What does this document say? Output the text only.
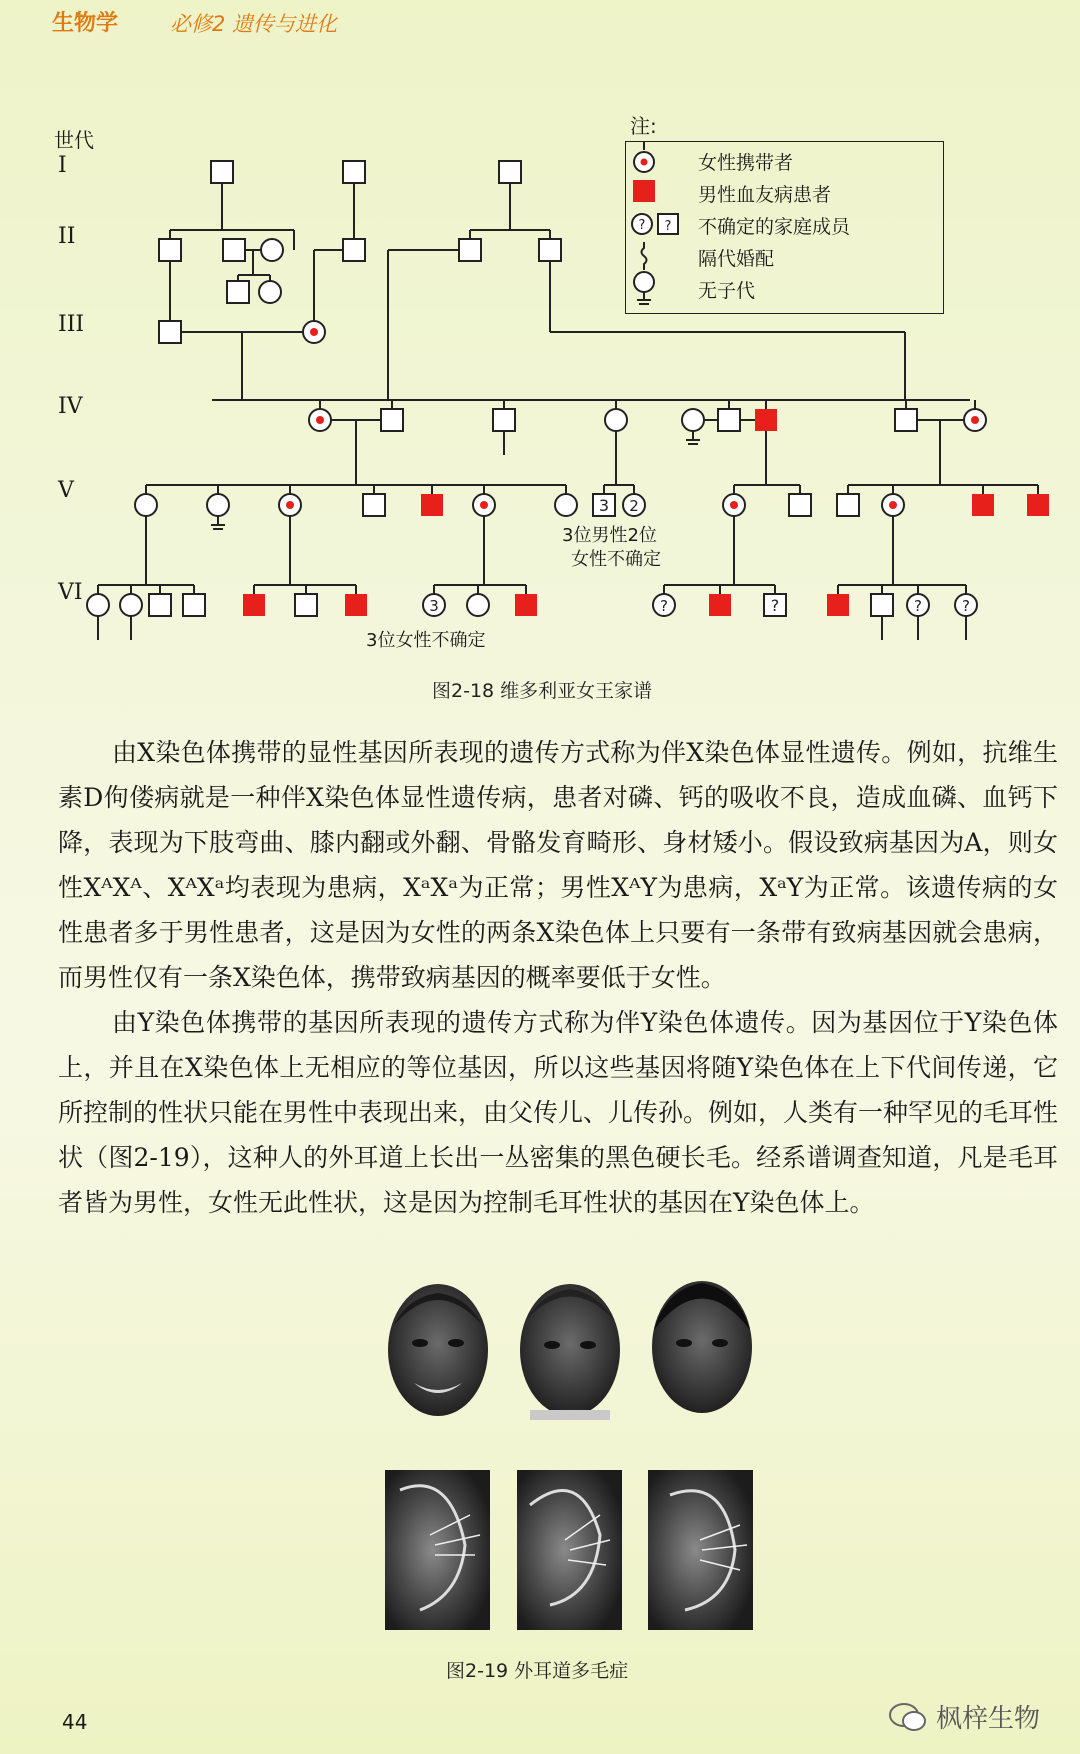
生物学 必修2 遗传与进化
世代
I
II
III
IV
V
VI
3 2
3	?	?	?	?
注:
? ?
女性携带者
男性血友病患者
不确定的家庭成员
隔代婚配
无子代
3位男性2位
女性不确定
3位女性不确定
图2-18 维多利亚女王家谱

由X染色体携带的显性基因所表现的遗传方式称为伴X染色体显性遗传。例如，抗维生素D佝偻病就是一种伴X染色体显性遗传病，患者对磷、钙的吸收不良，造成血磷、血钙下降，表现为下肢弯曲、膝内翻或外翻、骨骼发育畸形、身材矮小。假设致病基因为A，则女性XᴬXᴬ、XᴬXᵃ均表现为患病，XᵃXᵃ为正常；男性XᴬY为患病，XᵃY为正常。该遗传病的女性患者多于男性患者，这是因为女性的两条X染色体上只要有一条带有致病基因就会患病，而男性仅有一条X染色体，携带致病基因的概率要低于女性。

由Y染色体携带的基因所表现的遗传方式称为伴Y染色体遗传。因为基因位于Y染色体上，并且在X染色体上无相应的等位基因，所以这些基因将随Y染色体在上下代间传递，它所控制的性状只能在男性中表现出来，由父传儿、儿传孙。例如，人类有一种罕见的毛耳性状（图2-19），这种人的外耳道上长出一丛密集的黑色硬长毛。经系谱调查知道，凡是毛耳者皆为男性，女性无此性状，这是因为控制毛耳性状的基因在Y染色体上。

图2-19 外耳道多毛症
44	枫梓生物
